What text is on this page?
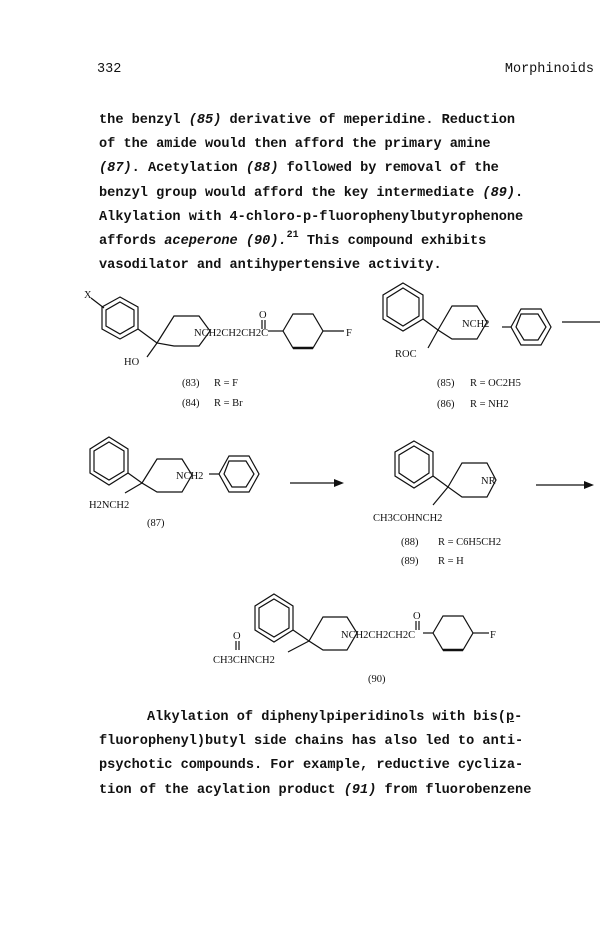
332	Morphinoids
the benzyl (85) derivative of meperidine. Reduction
of the amide would then afford the primary amine
(87). Acetylation (88) followed by removal of the
benzyl group would afford the key intermediate (89).
Alkylation with 4-chloro-p-fluorophenylbutyrophenone
affords aceperone (90).$^{21}$ This compound exhibits
vasodilator and antihypertensive activity.
X
HO
NCH2CH2CH2C
O
F
(83) R = F
(84) R = Br
NCH2
ROC
(85) R = OC2H5
(86) R = NH2
NCH2
H2NCH2
(87)
NR
CH3COHNCH2
(88) R = C6H5CH2
(89) R = H
O
CH3CHNCH2
NCH2CH2CH2C
O
F
(90)
Alkylation of diphenylpiperidinols with bis(p-
fluorophenyl)butyl side chains has also led to anti-
psychotic compounds. For example, reductive cycliza-
tion of the acylation product (91) from fluorobenzene
